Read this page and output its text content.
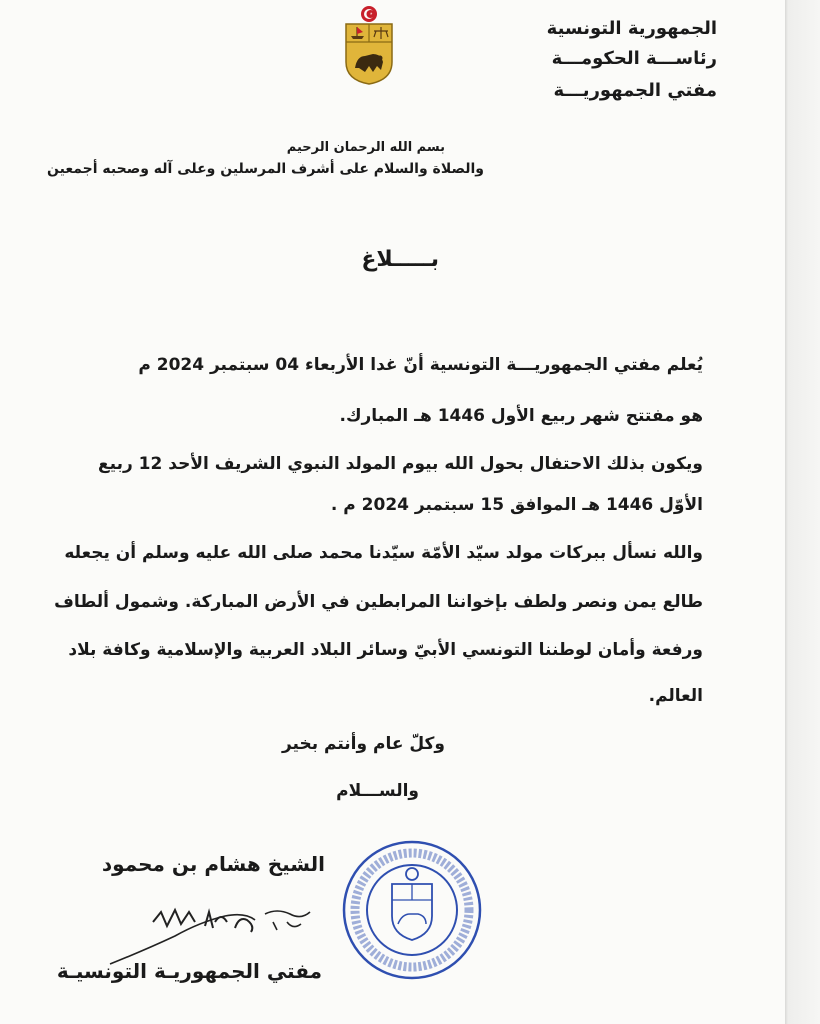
الجمهورية التونسية
رئاســـة الحكومـــة
مفتي الجمهوريـــة
بسم الله الرحمان الرحيم
والصلاة والسلام على أشرف المرسلين وعلى آله وصحبه أجمعين
بـــــلاغ
يُعلم مفتي الجمهوريـــة التونسية أنّ غدا الأربعاء 04 سبتمبر 2024 م
هو مفتتح شهر ربيع الأول 1446 هـ المبارك.
ويكون بذلك الاحتفال بحول الله بيوم المولد النبوي الشريف الأحد 12 ربيع
الأوّل 1446 هـ الموافق 15 سبتمبر 2024 م .
والله نسأل ببركات مولد سيّد الأمّة سيّدنا محمد صلى الله عليه وسلم أن يجعله
طالع يمن ونصر ولطف بإخواننا المرابطين في الأرض المباركة. وشمول ألطاف
ورفعة وأمان لوطننا التونسي الأبيّ وسائر البلاد العربية والإسلامية وكافة بلاد
العالم.
وكلّ عام وأنتم بخير
والســـلام
الشيخ هشام بن محمود
مفتي الجمهوريـة التونسيـة
